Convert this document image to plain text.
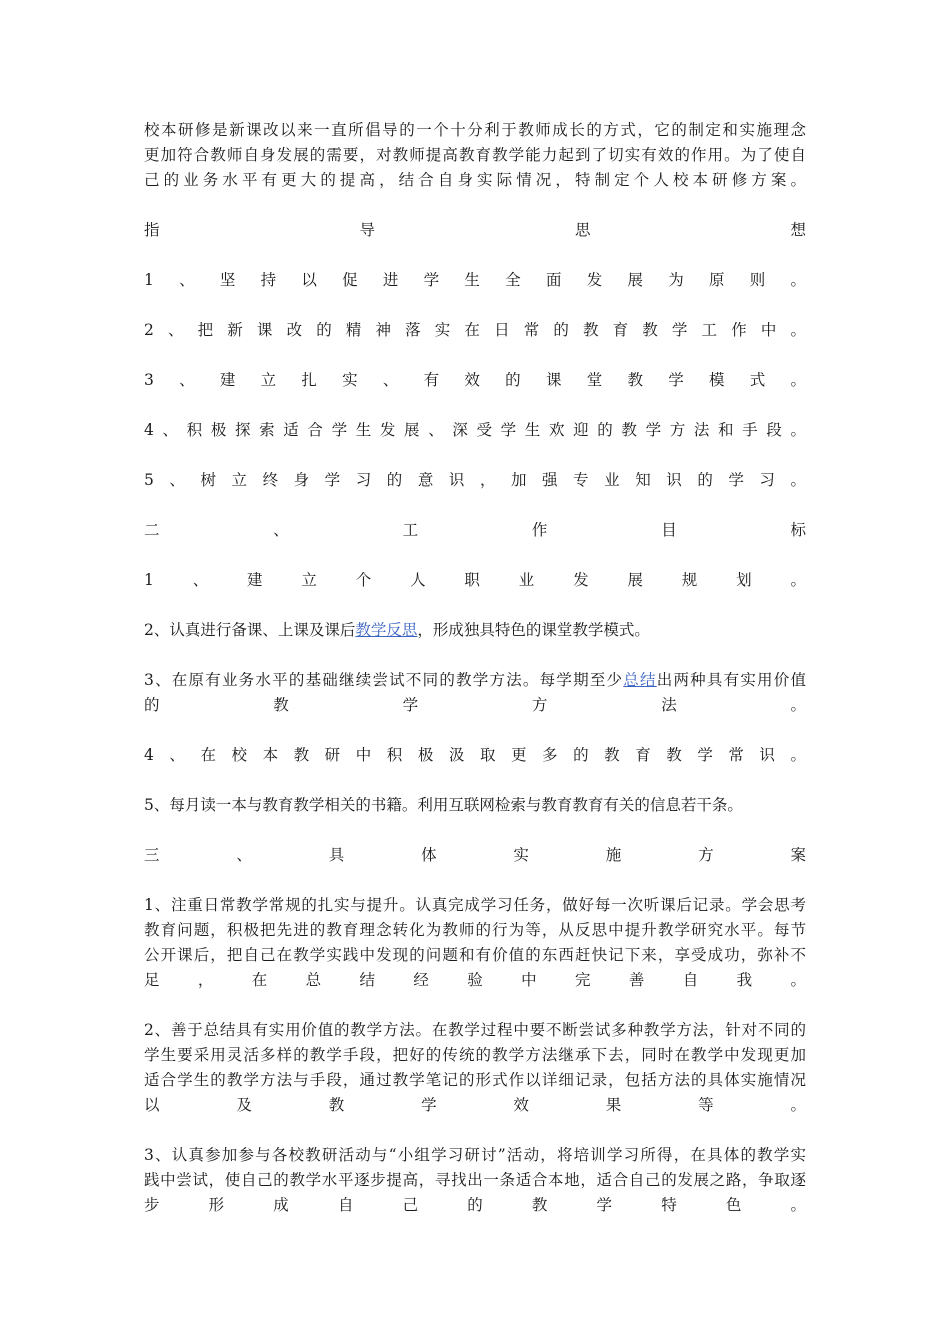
校本研修是新课改以来一直所倡导的一个十分利于教师成长的方式，它的制定和实施理念
更加符合教师自身发展的需要，对教师提高教育教学能力起到了切实有效的作用。为了使自
己的业务水平有更大的提高，结合自身实际情况，特制定个人校本研修方案。
指导思想
1、坚持以促进学生全面发展为原则。
2、把新课改的精神落实在日常的教育教学工作中。
3、建立扎实、有效的课堂教学模式。
4、积极探索适合学生发展、深受学生欢迎的教学方法和手段。
5、树立终身学习的意识，加强专业知识的学习。
二、工作目标
1、建立个人职业发展规划。
2、认真进行备课、上课及课后教学反思，形成独具特色的课堂教学模式。
3、在原有业务水平的基础继续尝试不同的教学方法。每学期至少总结出两种具有实用价值
的教学方法。
4、在校本教研中积极汲取更多的教育教学常识。
5、每月读一本与教育教学相关的书籍。利用互联网检索与教育教育有关的信息若干条。
三、具体实施方案
1、注重日常教学常规的扎实与提升。认真完成学习任务，做好每一次听课后记录。学会思考
教育问题，积极把先进的教育理念转化为教师的行为等，从反思中提升教学研究水平。每节
公开课后，把自己在教学实践中发现的问题和有价值的东西赶快记下来，享受成功，弥补不
足，在总结经验中完善自我。
2、善于总结具有实用价值的教学方法。在教学过程中要不断尝试多种教学方法，针对不同的
学生要采用灵活多样的教学手段，把好的传统的教学方法继承下去，同时在教学中发现更加
适合学生的教学方法与手段，通过教学笔记的形式作以详细记录，包括方法的具体实施情况
以及教学效果等。
3、认真参加参与各校教研活动与“小组学习研讨”活动，将培训学习所得，在具体的教学实
践中尝试，使自己的教学水平逐步提高，寻找出一条适合本地，适合自己的发展之路，争取逐
步形成自己的教学特色。
